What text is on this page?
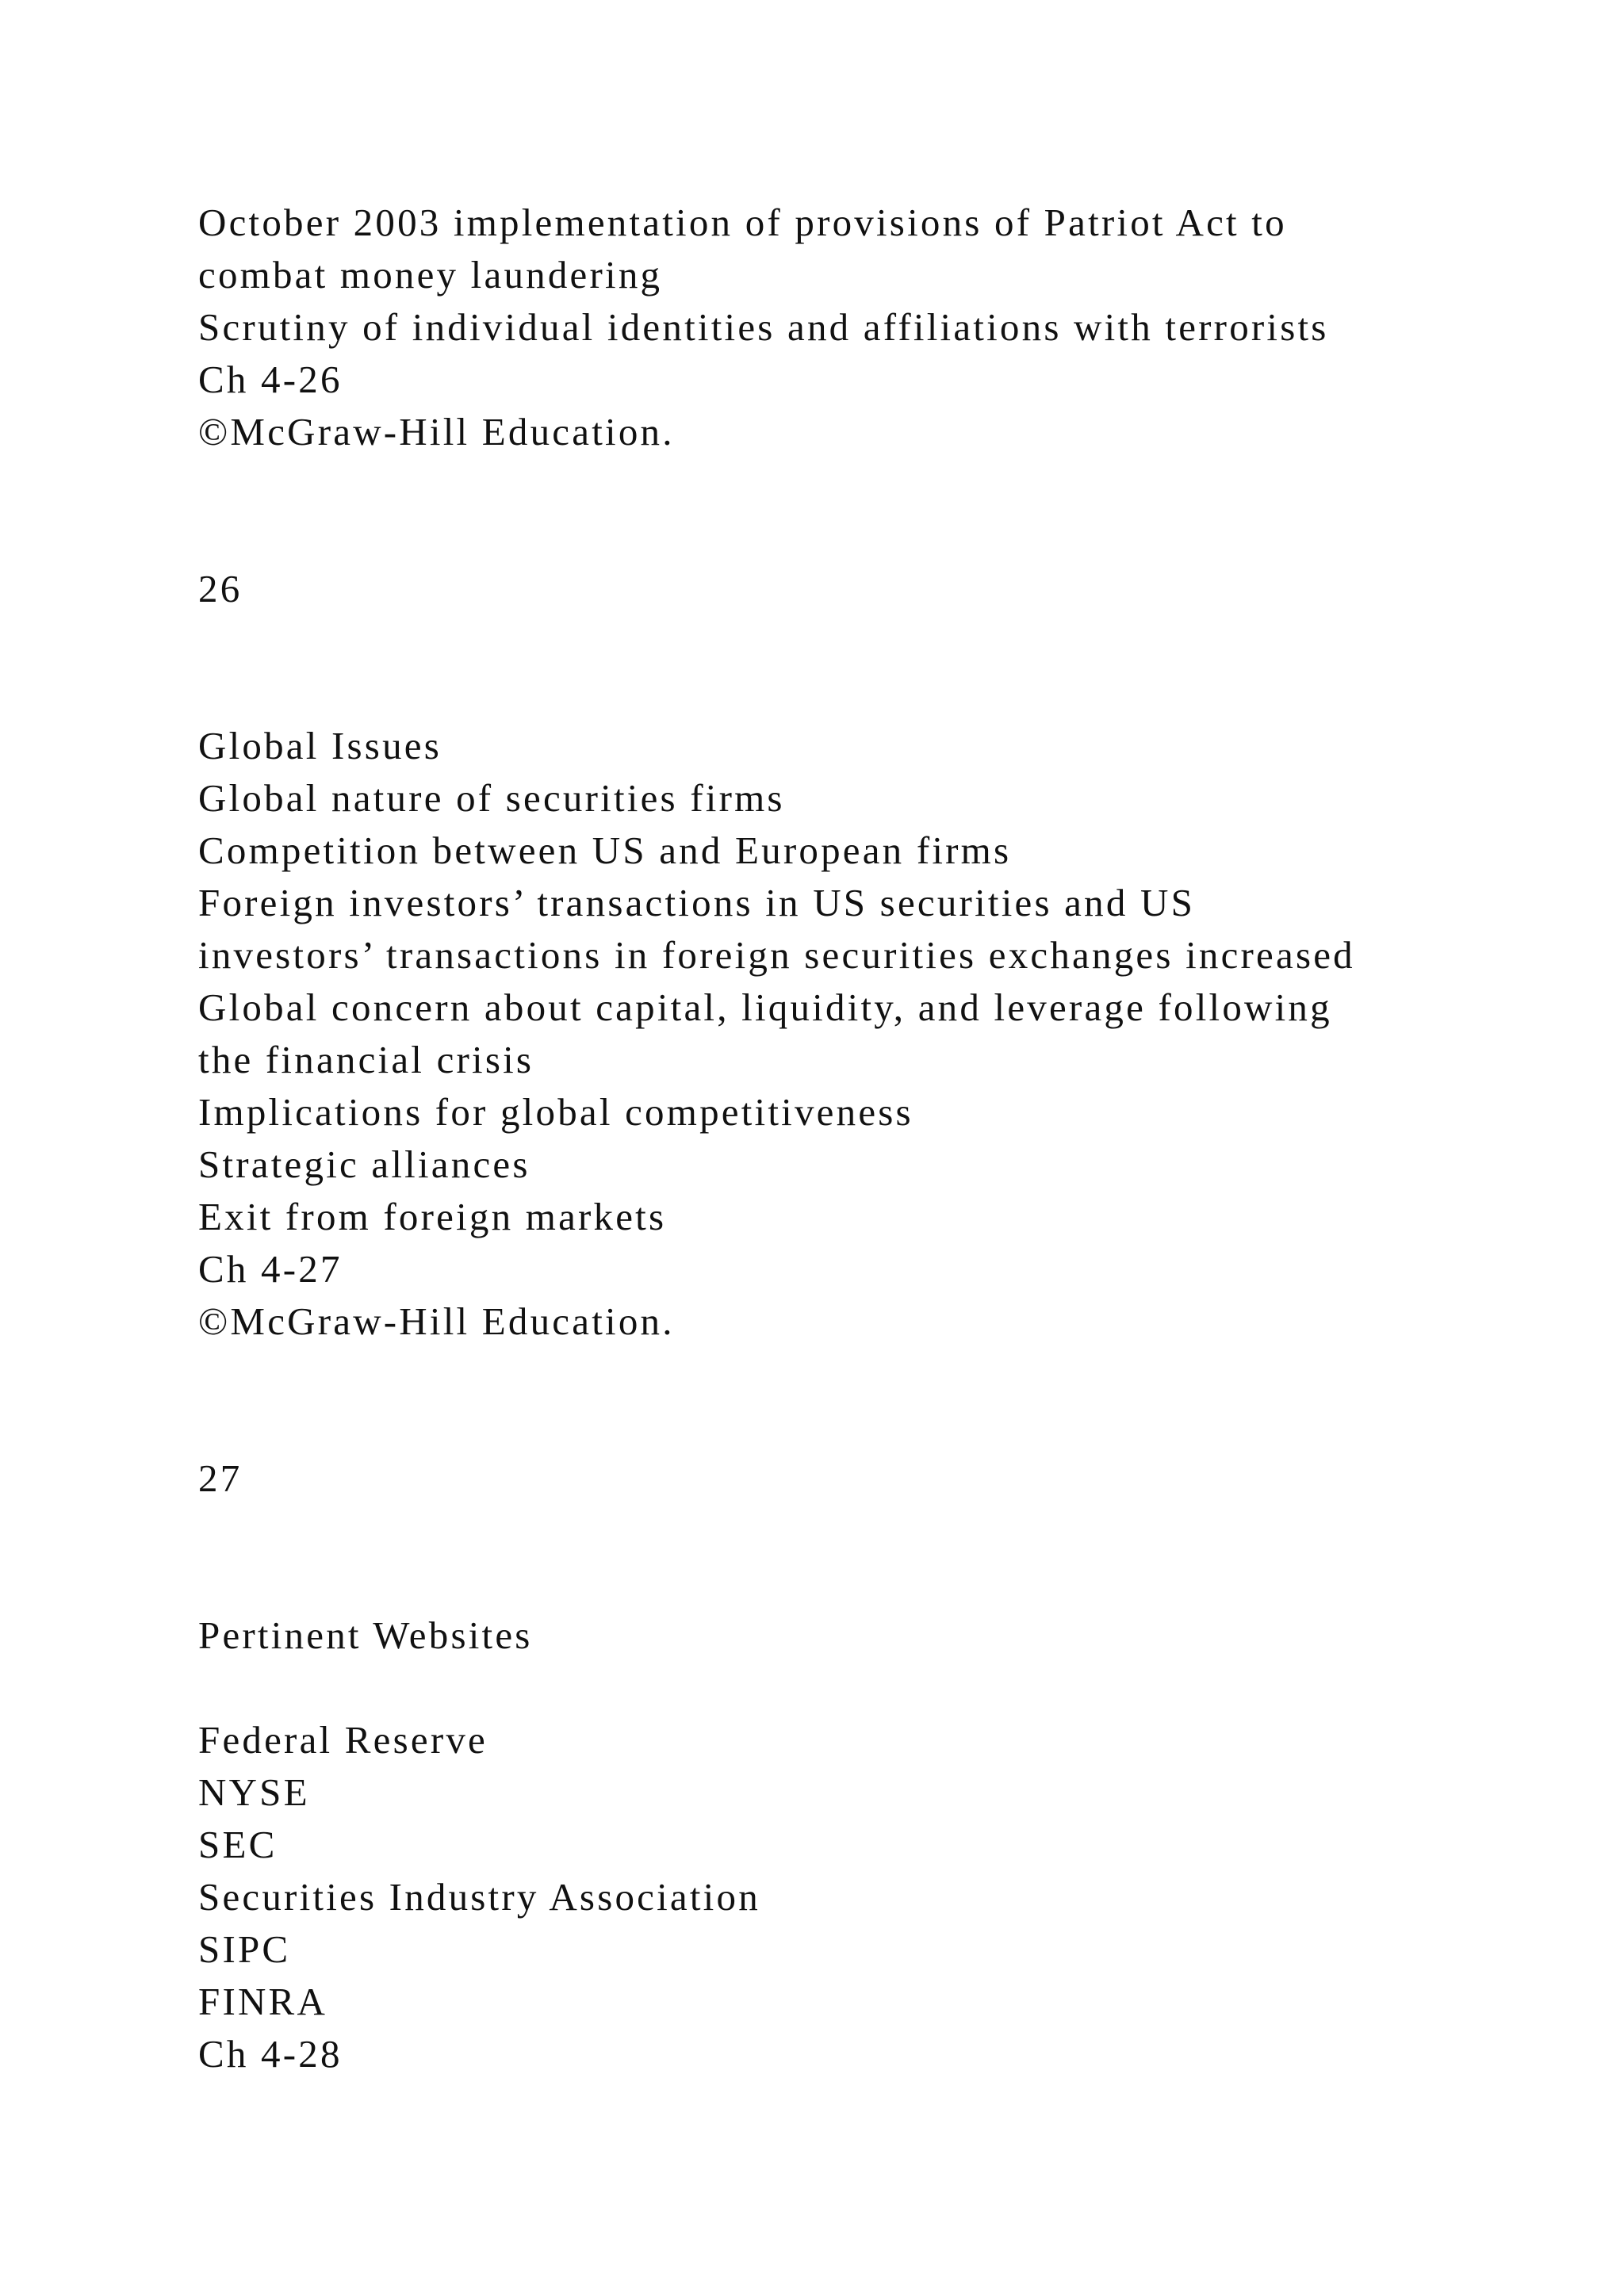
October 2003 implementation of provisions of Patriot Act to

combat money laundering

Scrutiny of individual identities and affiliations with terrorists

Ch 4-26

©McGraw-Hill Education.

26

Global Issues

Global nature of securities firms

Competition between US and European firms

Foreign investors’ transactions in US securities and US

investors’ transactions in foreign securities exchanges increased

Global concern about capital, liquidity, and leverage following

the financial crisis

Implications for global competitiveness

Strategic alliances

Exit from foreign markets

Ch 4-27

©McGraw-Hill Education.

27

Pertinent Websites

Federal Reserve

NYSE

SEC

Securities Industry Association

SIPC

FINRA

Ch 4-28
